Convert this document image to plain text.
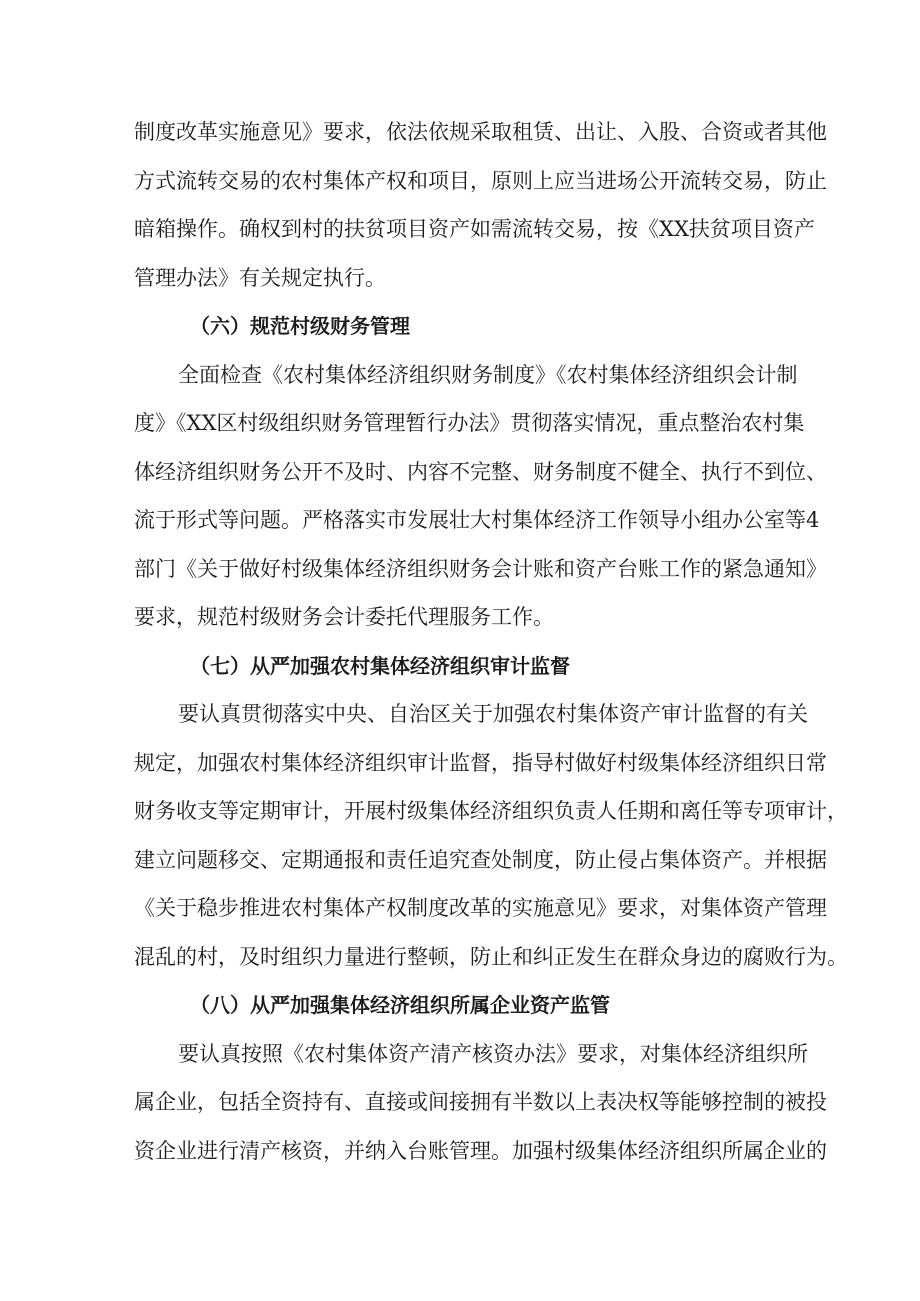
制度改革实施意见》要求，依法依规采取租赁、出让、入股、合资或者其他
方式流转交易的农村集体产权和项目，原则上应当进场公开流转交易，防止
暗箱操作。确权到村的扶贫项目资产如需流转交易，按《XX扶贫项目资产
管理办法》有关规定执行。
（六）规范村级财务管理
全面检查《农村集体经济组织财务制度》《农村集体经济组织会计制
度》《XX区村级组织财务管理暂行办法》贯彻落实情况，重点整治农村集
体经济组织财务公开不及时、内容不完整、财务制度不健全、执行不到位、
流于形式等问题。严格落实市发展壮大村集体经济工作领导小组办公室等4
部门《关于做好村级集体经济组织财务会计账和资产台账工作的紧急通知》
要求，规范村级财务会计委托代理服务工作。
（七）从严加强农村集体经济组织审计监督
要认真贯彻落实中央、自治区关于加强农村集体资产审计监督的有关
规定，加强农村集体经济组织审计监督，指导村做好村级集体经济组织日常
财务收支等定期审计，开展村级集体经济组织负责人任期和离任等专项审计，
建立问题移交、定期通报和责任追究查处制度，防止侵占集体资产。并根据
《关于稳步推进农村集体产权制度改革的实施意见》要求，对集体资产管理
混乱的村，及时组织力量进行整顿，防止和纠正发生在群众身边的腐败行为。
（八）从严加强集体经济组织所属企业资产监管
要认真按照《农村集体资产清产核资办法》要求，对集体经济组织所
属企业，包括全资持有、直接或间接拥有半数以上表决权等能够控制的被投
资企业进行清产核资，并纳入台账管理。加强村级集体经济组织所属企业的
